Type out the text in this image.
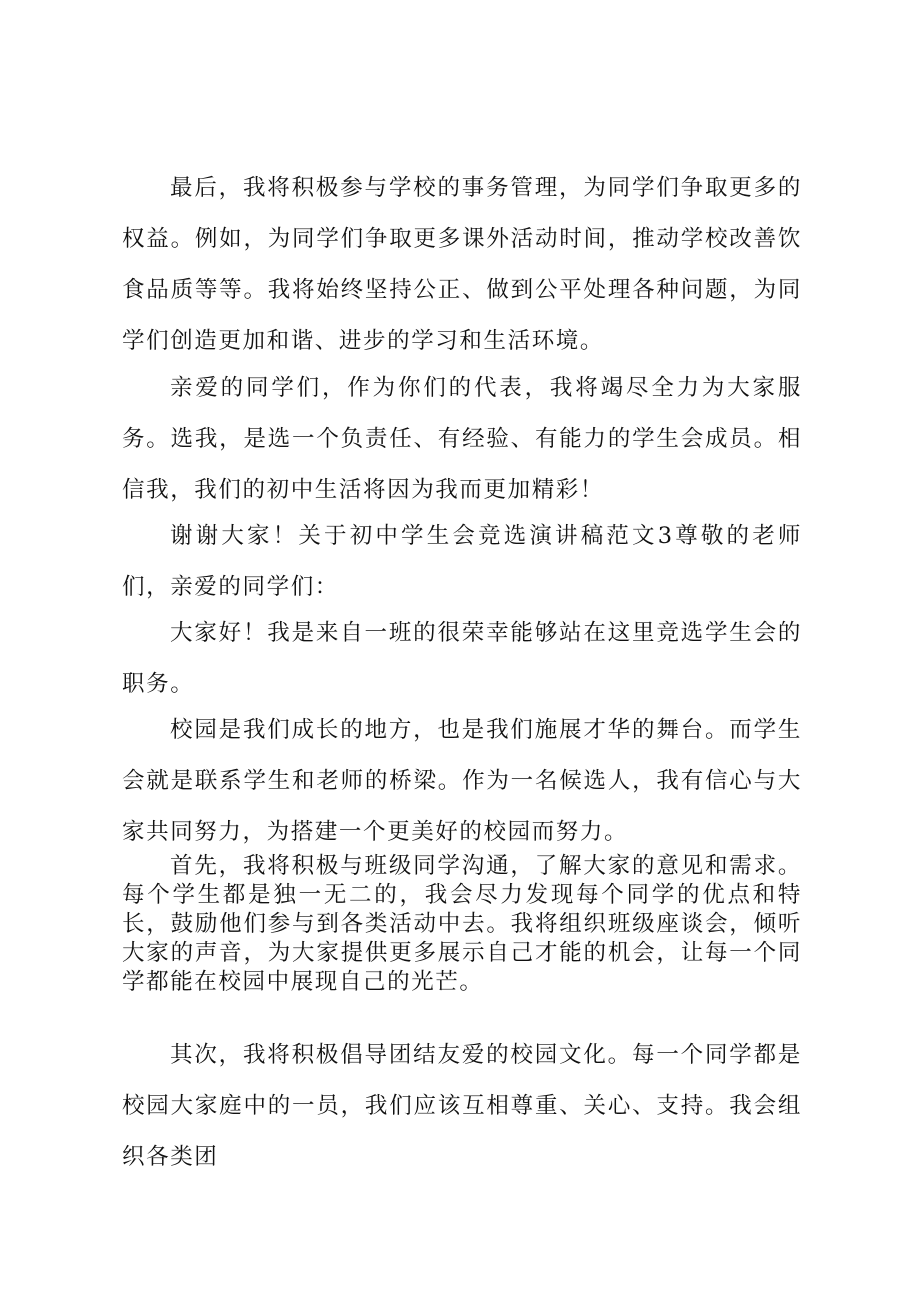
最后，我将积极参与学校的事务管理，为同学们争取更多的权益。例如，为同学们争取更多课外活动时间，推动学校改善饮食品质等等。我将始终坚持公正、做到公平处理各种问题，为同学们创造更加和谐、进步的学习和生活环境。

亲爱的同学们，作为你们的代表，我将竭尽全力为大家服务。选我，是选一个负责任、有经验、有能力的学生会成员。相信我，我们的初中生活将因为我而更加精彩！

谢谢大家！关于初中学生会竞选演讲稿范文3尊敬的老师们，亲爱的同学们：

大家好！我是来自一班的很荣幸能够站在这里竞选学生会的职务。

校园是我们成长的地方，也是我们施展才华的舞台。而学生会就是联系学生和老师的桥梁。作为一名候选人，我有信心与大家共同努力，为搭建一个更美好的校园而努力。

首先，我将积极与班级同学沟通，了解大家的意见和需求。每个学生都是独一无二的，我会尽力发现每个同学的优点和特长，鼓励他们参与到各类活动中去。我将组织班级座谈会，倾听大家的声音，为大家提供更多展示自己才能的机会，让每一个同学都能在校园中展现自己的光芒。

其次，我将积极倡导团结友爱的校园文化。每一个同学都是校园大家庭中的一员，我们应该互相尊重、关心、支持。我会组织各类团
